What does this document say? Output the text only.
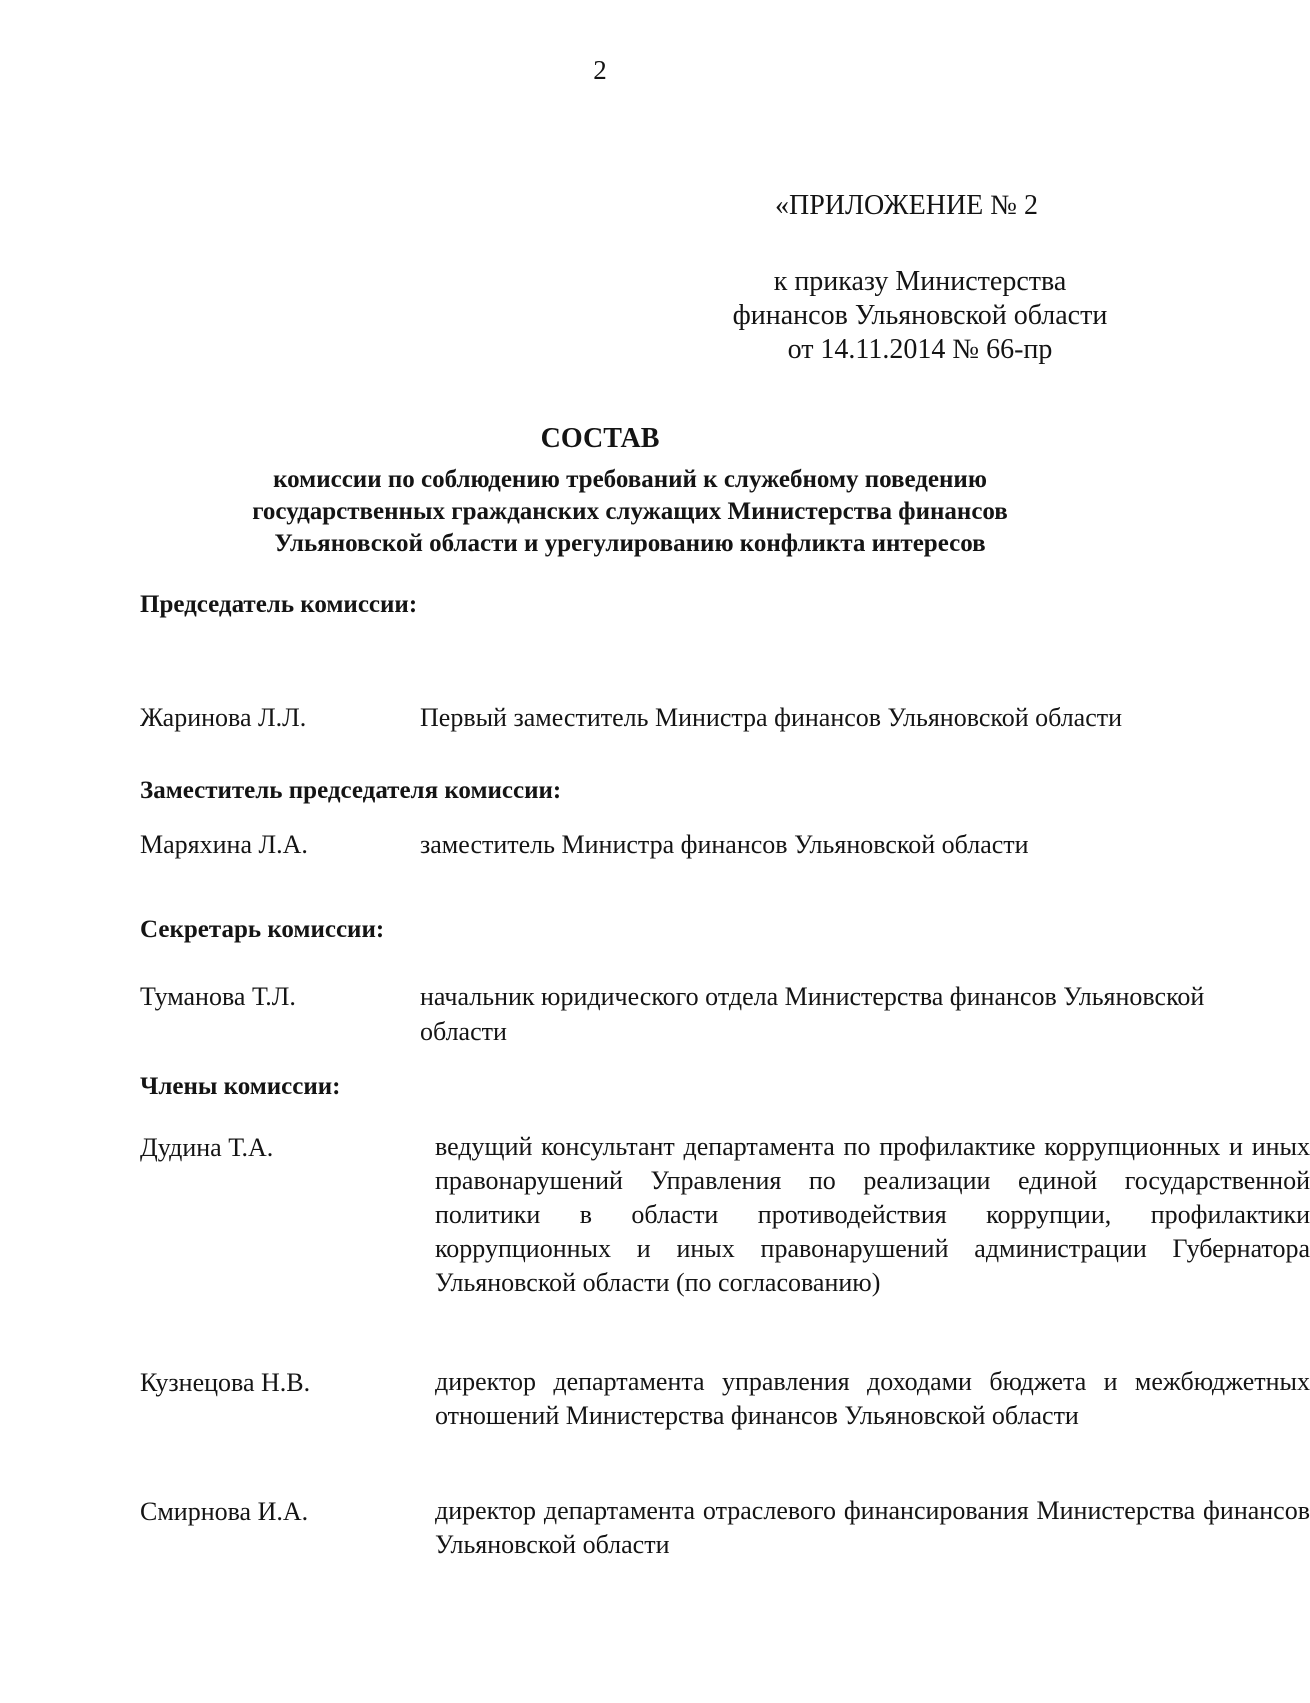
2
«ПРИЛОЖЕНИЕ № 2
к приказу Министерства
финансов Ульяновской области
от 14.11.2014 № 66-пр
СОСТАВ
комиссии по соблюдению требований к служебному поведению
государственных гражданских служащих Министерства финансов
Ульяновской области и урегулированию конфликта интересов
Председатель комиссии:
Жаринова Л.Л.	Первый заместитель Министра финансов Ульяновской области
Заместитель председателя комиссии:
Маряхина Л.А.	заместитель Министра финансов Ульяновской области
Секретарь комиссии:
Туманова Т.Л.	начальник юридического отдела Министерства финансов Ульяновской области
Члены комиссии:
Дудина Т.А.	ведущий консультант департамента по профилактике коррупционных и иных правонарушений Управления по реализации единой государственной политики в области противодействия коррупции, профилактики коррупционных и иных правонарушений администрации Губернатора Ульяновской области (по согласованию)
Кузнецова Н.В.	директор департамента управления доходами бюджета и межбюджетных отношений Министерства финансов Ульяновской области
Смирнова И.А.	директор департамента отраслевого финансирования Министерства финансов Ульяновской области
